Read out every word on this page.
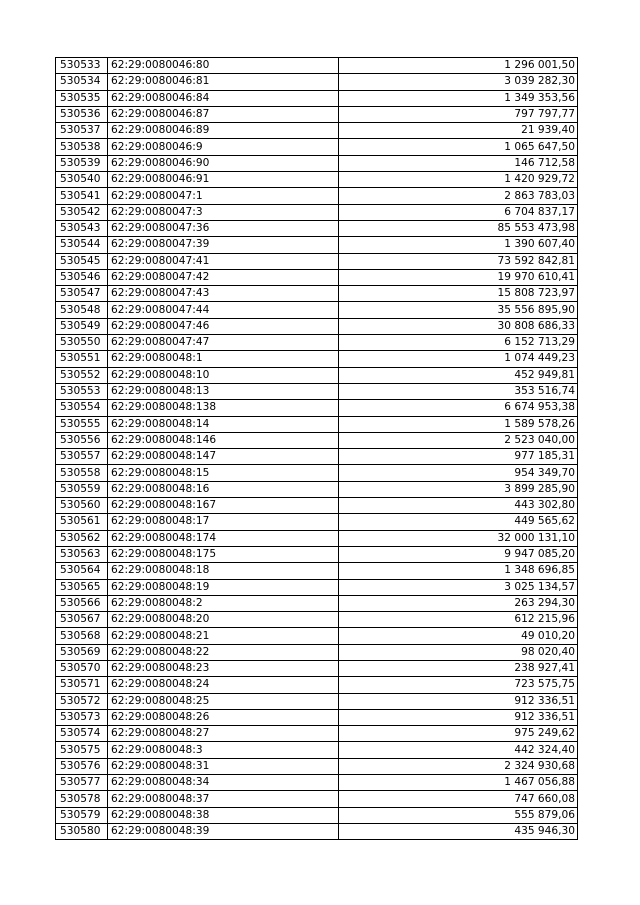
530533	62:29:0080046:80	1 296 001,50
530534	62:29:0080046:81	3 039 282,30
530535	62:29:0080046:84	1 349 353,56
530536	62:29:0080046:87	797 797,77
530537	62:29:0080046:89	21 939,40
530538	62:29:0080046:9	1 065 647,50
530539	62:29:0080046:90	146 712,58
530540	62:29:0080046:91	1 420 929,72
530541	62:29:0080047:1	2 863 783,03
530542	62:29:0080047:3	6 704 837,17
530543	62:29:0080047:36	85 553 473,98
530544	62:29:0080047:39	1 390 607,40
530545	62:29:0080047:41	73 592 842,81
530546	62:29:0080047:42	19 970 610,41
530547	62:29:0080047:43	15 808 723,97
530548	62:29:0080047:44	35 556 895,90
530549	62:29:0080047:46	30 808 686,33
530550	62:29:0080047:47	6 152 713,29
530551	62:29:0080048:1	1 074 449,23
530552	62:29:0080048:10	452 949,81
530553	62:29:0080048:13	353 516,74
530554	62:29:0080048:138	6 674 953,38
530555	62:29:0080048:14	1 589 578,26
530556	62:29:0080048:146	2 523 040,00
530557	62:29:0080048:147	977 185,31
530558	62:29:0080048:15	954 349,70
530559	62:29:0080048:16	3 899 285,90
530560	62:29:0080048:167	443 302,80
530561	62:29:0080048:17	449 565,62
530562	62:29:0080048:174	32 000 131,10
530563	62:29:0080048:175	9 947 085,20
530564	62:29:0080048:18	1 348 696,85
530565	62:29:0080048:19	3 025 134,57
530566	62:29:0080048:2	263 294,30
530567	62:29:0080048:20	612 215,96
530568	62:29:0080048:21	49 010,20
530569	62:29:0080048:22	98 020,40
530570	62:29:0080048:23	238 927,41
530571	62:29:0080048:24	723 575,75
530572	62:29:0080048:25	912 336,51
530573	62:29:0080048:26	912 336,51
530574	62:29:0080048:27	975 249,62
530575	62:29:0080048:3	442 324,40
530576	62:29:0080048:31	2 324 930,68
530577	62:29:0080048:34	1 467 056,88
530578	62:29:0080048:37	747 660,08
530579	62:29:0080048:38	555 879,06
530580	62:29:0080048:39	435 946,30
